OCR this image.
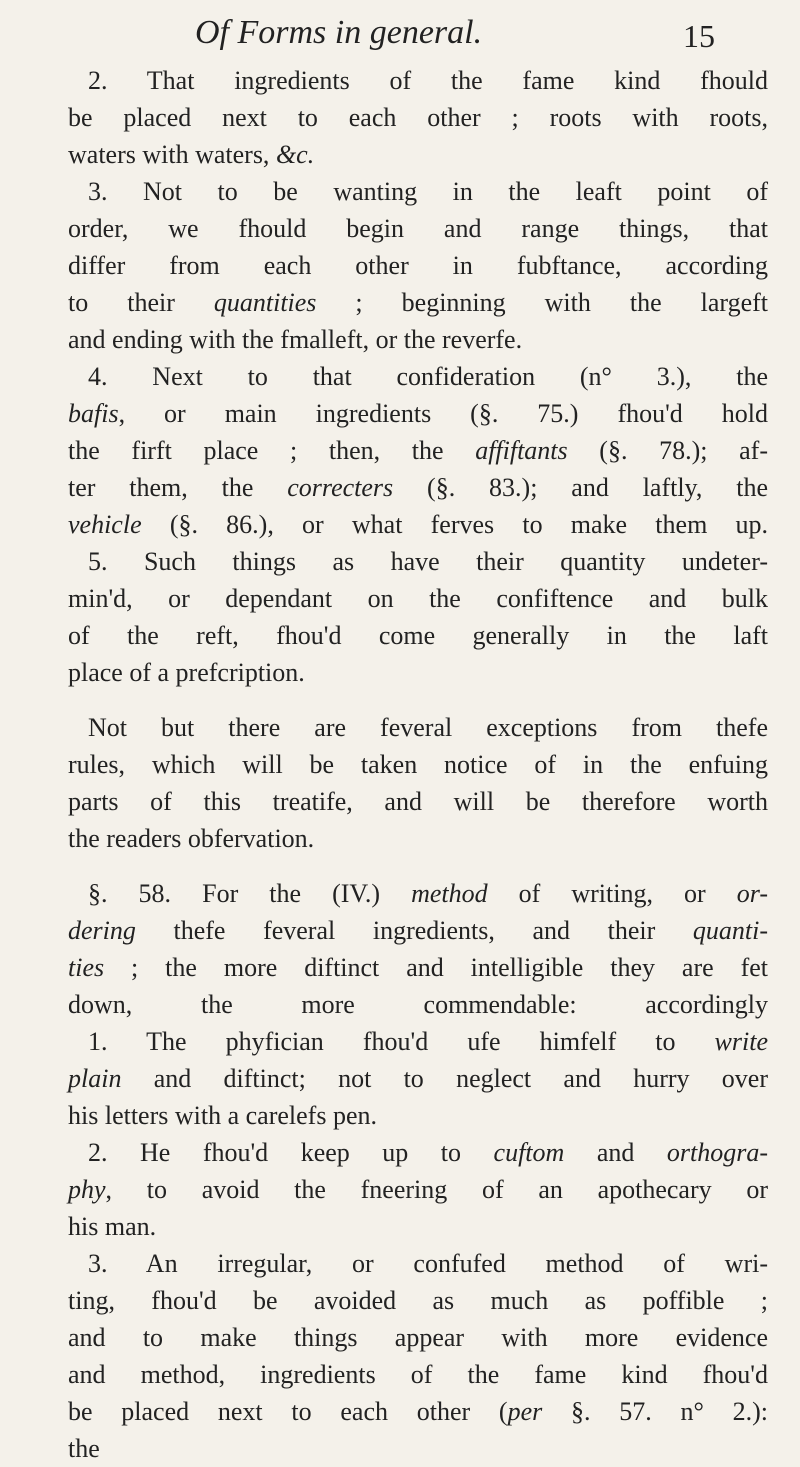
Of Forms in general.	15
2. That ingredients of the fame kind fhould
be placed next to each other ; roots with roots,
waters with waters, &c.
3. Not to be wanting in the leaft point of
order, we fhould begin and range things, that
differ from each other in fubftance, according
to their quantities ; beginning with the largeft
and ending with the fmalleft, or the reverfe.
4. Next to that confideration (n° 3.), the
bafis, or main ingredients (§. 75.) fhou'd hold
the firft place ; then, the affiftants (§. 78.); af-
ter them, the correcters (§. 83.); and laftly, the
vehicle (§. 86.), or what ferves to make them up.
5. Such things as have their quantity undeter-
min'd, or dependant on the confiftence and bulk
of the reft, fhou'd come generally in the laft
place of a prefcription.
Not but there are feveral exceptions from thefe
rules, which will be taken notice of in the enfuing
parts of this treatife, and will be therefore worth
the readers obfervation.
§. 58. For the (IV.) method of writing, or or-
dering thefe feveral ingredients, and their quanti-
ties ; the more diftinct and intelligible they are fet
down, the more commendable: accordingly
1. The phyfician fhou'd ufe himfelf to write
plain and diftinct; not to neglect and hurry over
his letters with a carelefs pen.
2. He fhou'd keep up to cuftom and orthogra-
phy, to avoid the fneering of an apothecary or
his man.
3. An irregular, or confufed method of wri-
ting, fhou'd be avoided as much as poffible ;
and to make things appear with more evidence
and method, ingredients of the fame kind fhou'd
be placed next to each other (per §. 57. n° 2.):
the
